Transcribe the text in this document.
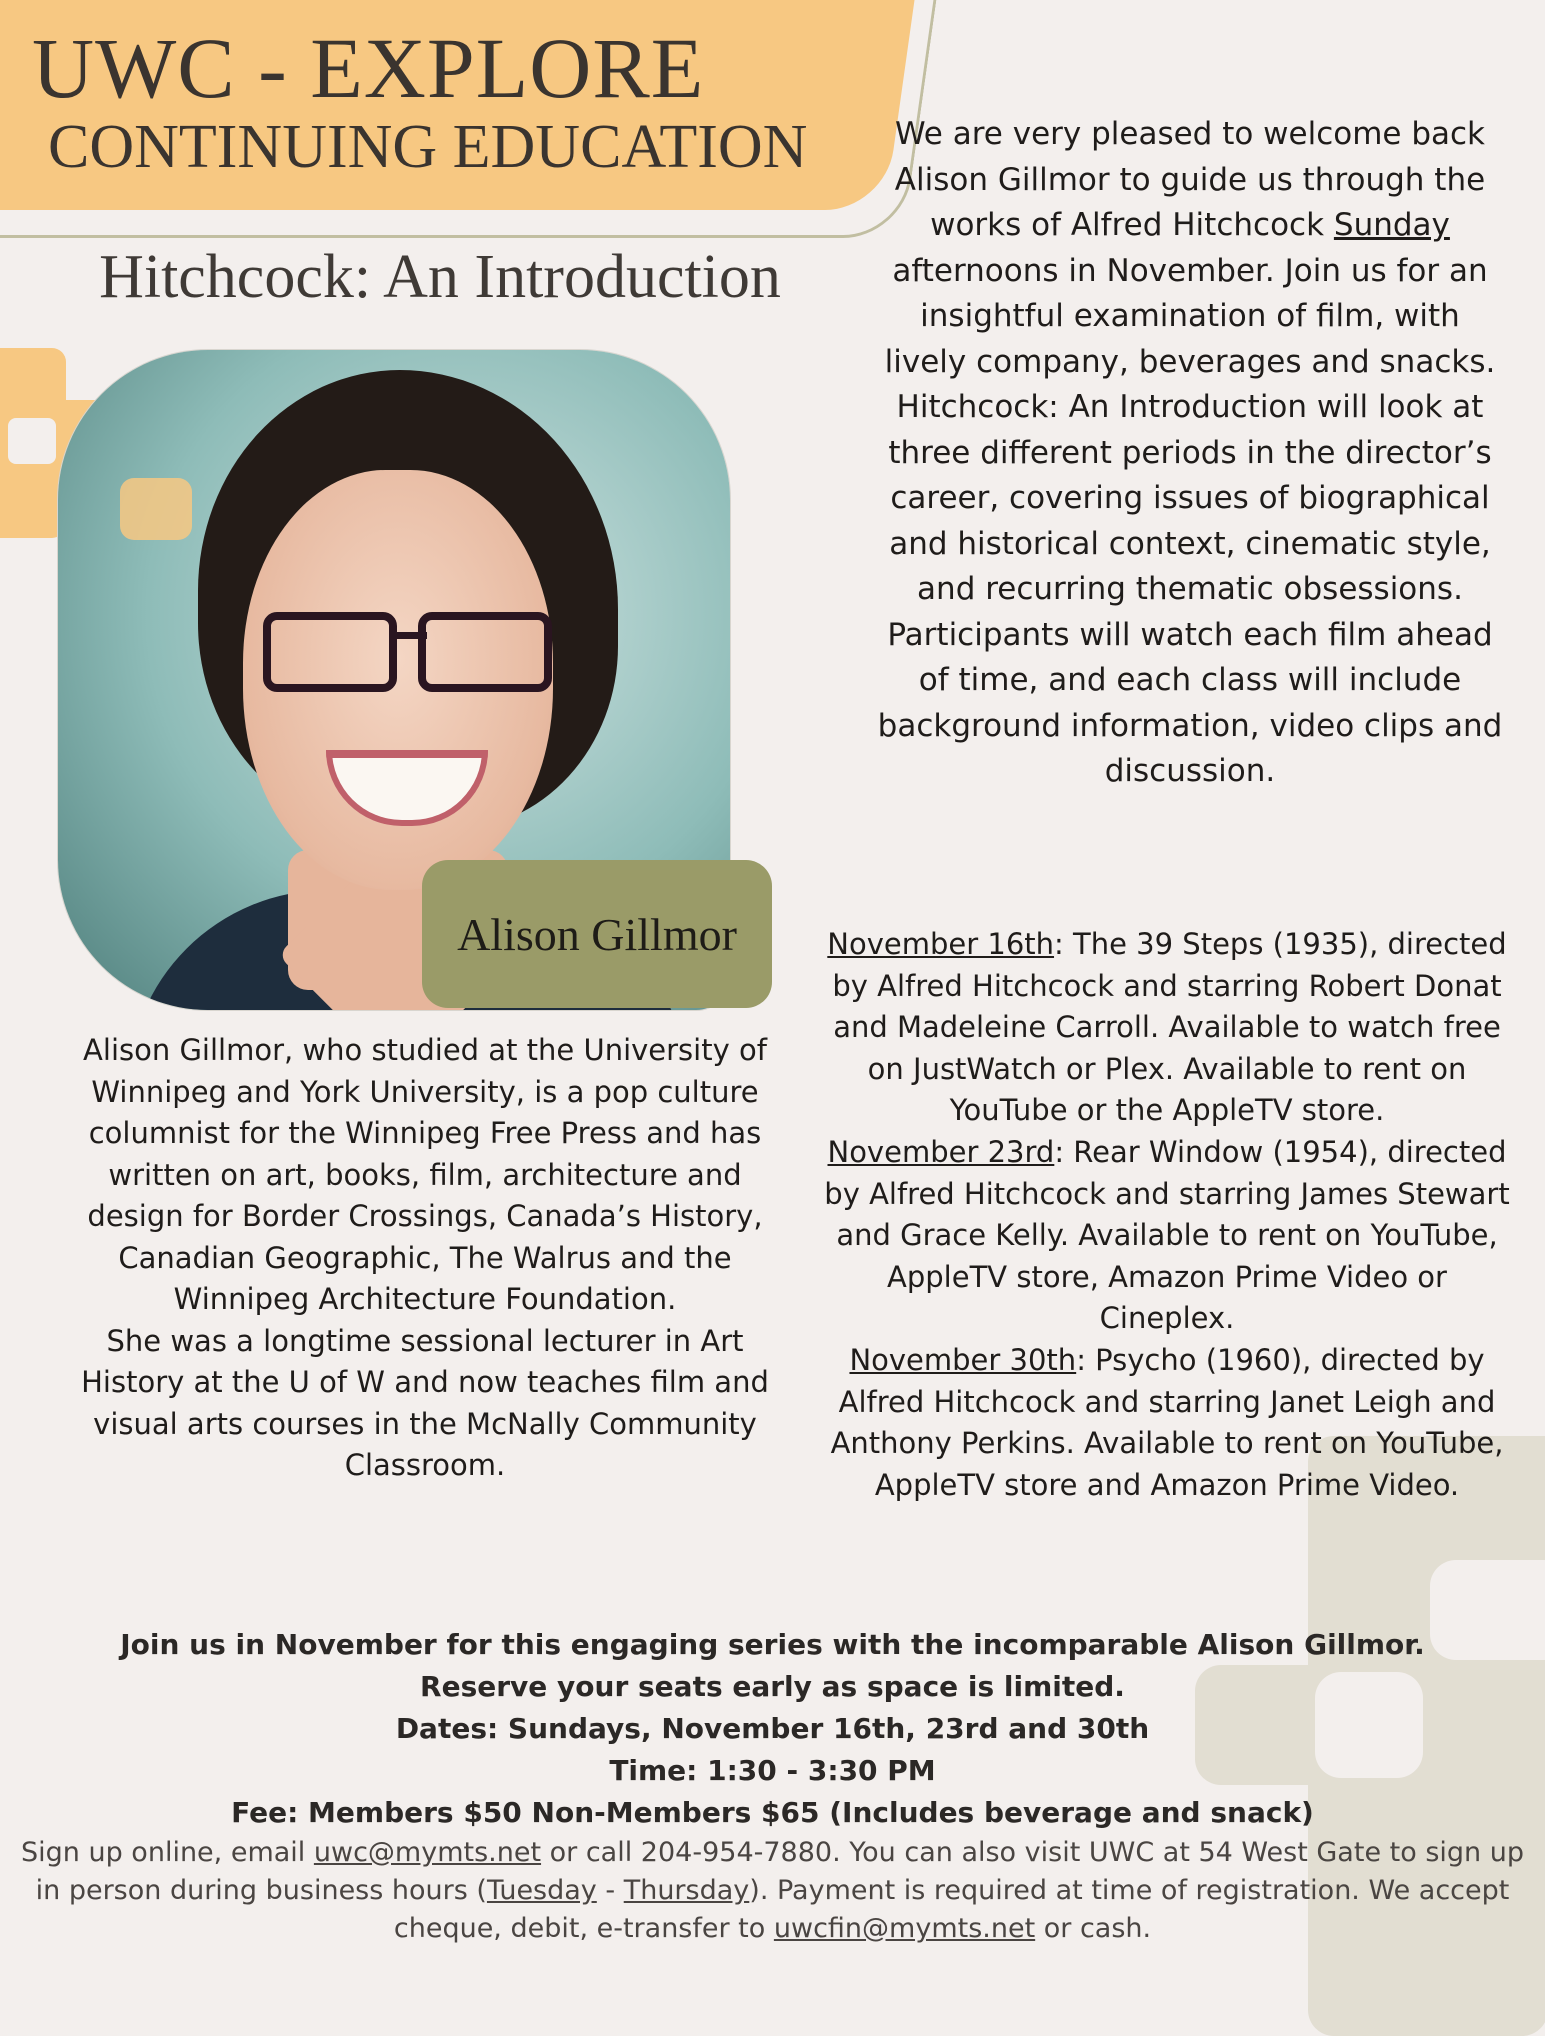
UWC - EXPLORE
CONTINUING EDUCATION
Hitchcock: An Introduction
Alison Gillmor

We are very pleased to welcome back Alison Gillmor to guide us through the works of Alfred Hitchcock Sunday afternoons in November. Join us for an insightful examination of film, with lively company, beverages and snacks.

Hitchcock: An Introduction will look at three different periods in the director’s career, covering issues of biographical and historical context, cinematic style, and recurring thematic obsessions. Participants will watch each film ahead of time, and each class will include background information, video clips and discussion.

Alison Gillmor, who studied at the University of Winnipeg and York University, is a pop culture columnist for the Winnipeg Free Press and has written on art, books, film, architecture and design for Border Crossings, Canada’s History, Canadian Geographic, The Walrus and the Winnipeg Architecture Foundation.

She was a longtime sessional lecturer in Art History at the U of W and now teaches film and visual arts courses in the McNally Community Classroom.

November 16th: The 39 Steps (1935), directed by Alfred Hitchcock and starring Robert Donat and Madeleine Carroll. Available to watch free on JustWatch or Plex. Available to rent on YouTube or the AppleTV store.

November 23rd: Rear Window (1954), directed by Alfred Hitchcock and starring James Stewart and Grace Kelly. Available to rent on YouTube, AppleTV store, Amazon Prime Video or Cineplex.

November 30th: Psycho (1960), directed by Alfred Hitchcock and starring Janet Leigh and Anthony Perkins. Available to rent on YouTube, AppleTV store and Amazon Prime Video.

Join us in November for this engaging series with the incomparable Alison Gillmor.

Reserve your seats early as space is limited.

Dates: Sundays, November 16th, 23rd and 30th

Time: 1:30 - 3:30 PM

Fee: Members $50 Non-Members $65 (Includes beverage and snack)

Sign up online, email uwc@mymts.net or call 204-954-7880. You can also visit UWC at 54 West Gate to sign up in person during business hours (Tuesday - Thursday). Payment is required at time of registration. We accept cheque, debit, e-transfer to uwcfin@mymts.net or cash.
